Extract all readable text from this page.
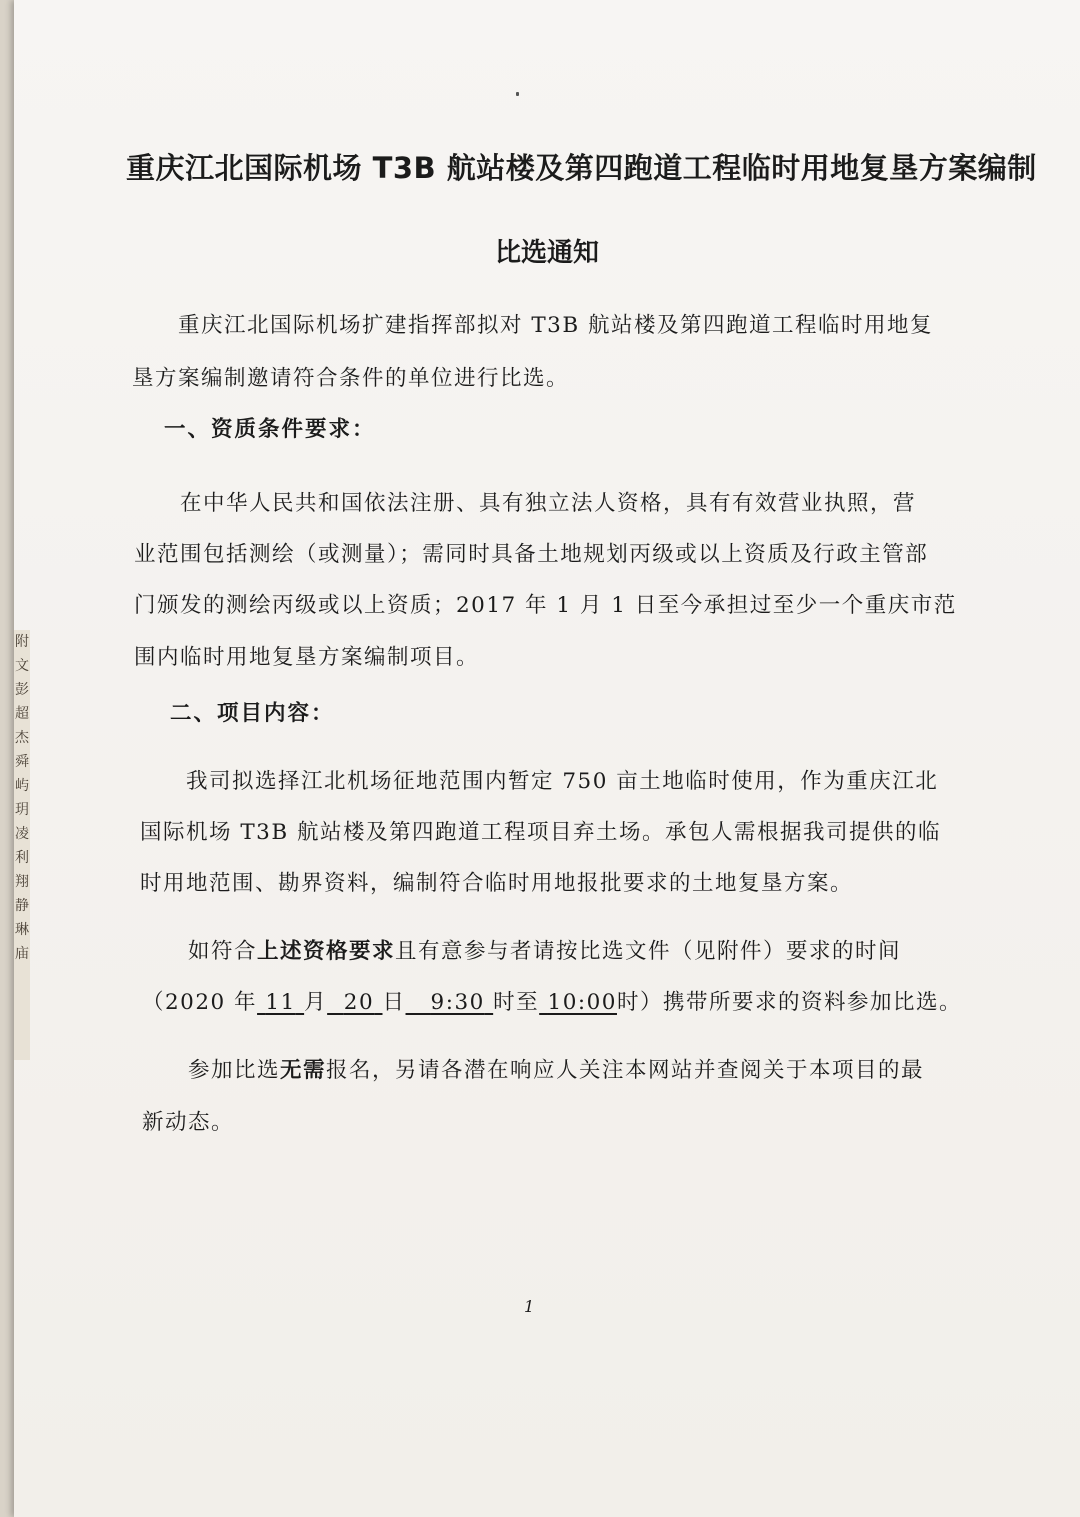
附
文
彭
超
杰
舜
屿
玥
凌
利
翔
静
琳
庙
重庆江北国际机场 T3B 航站楼及第四跑道工程临时用地复垦方案编制
比选通知
重庆江北国际机场扩建指挥部拟对 T3B 航站楼及第四跑道工程临时用地复
垦方案编制邀请符合条件的单位进行比选。
一、资质条件要求：
在中华人民共和国依法注册、具有独立法人资格，具有有效营业执照，营
业范围包括测绘（或测量）；需同时具备土地规划丙级或以上资质及行政主管部
门颁发的测绘丙级或以上资质；2017 年 1 月 1 日至今承担过至少一个重庆市范
围内临时用地复垦方案编制项目。
二、项目内容：
我司拟选择江北机场征地范围内暂定 750 亩土地临时使用，作为重庆江北
国际机场 T3B 航站楼及第四跑道工程项目弃土场。承包人需根据我司提供的临
时用地范围、勘界资料，编制符合临时用地报批要求的土地复垦方案。
如符合上述资格要求且有意参与者请按比选文件（见附件）要求的时间
（2020 年 11 月 20 日 9:30 时至 10:00时）携带所要求的资料参加比选。
参加比选无需报名，另请各潜在响应人关注本网站并查阅关于本项目的最
新动态。
1
